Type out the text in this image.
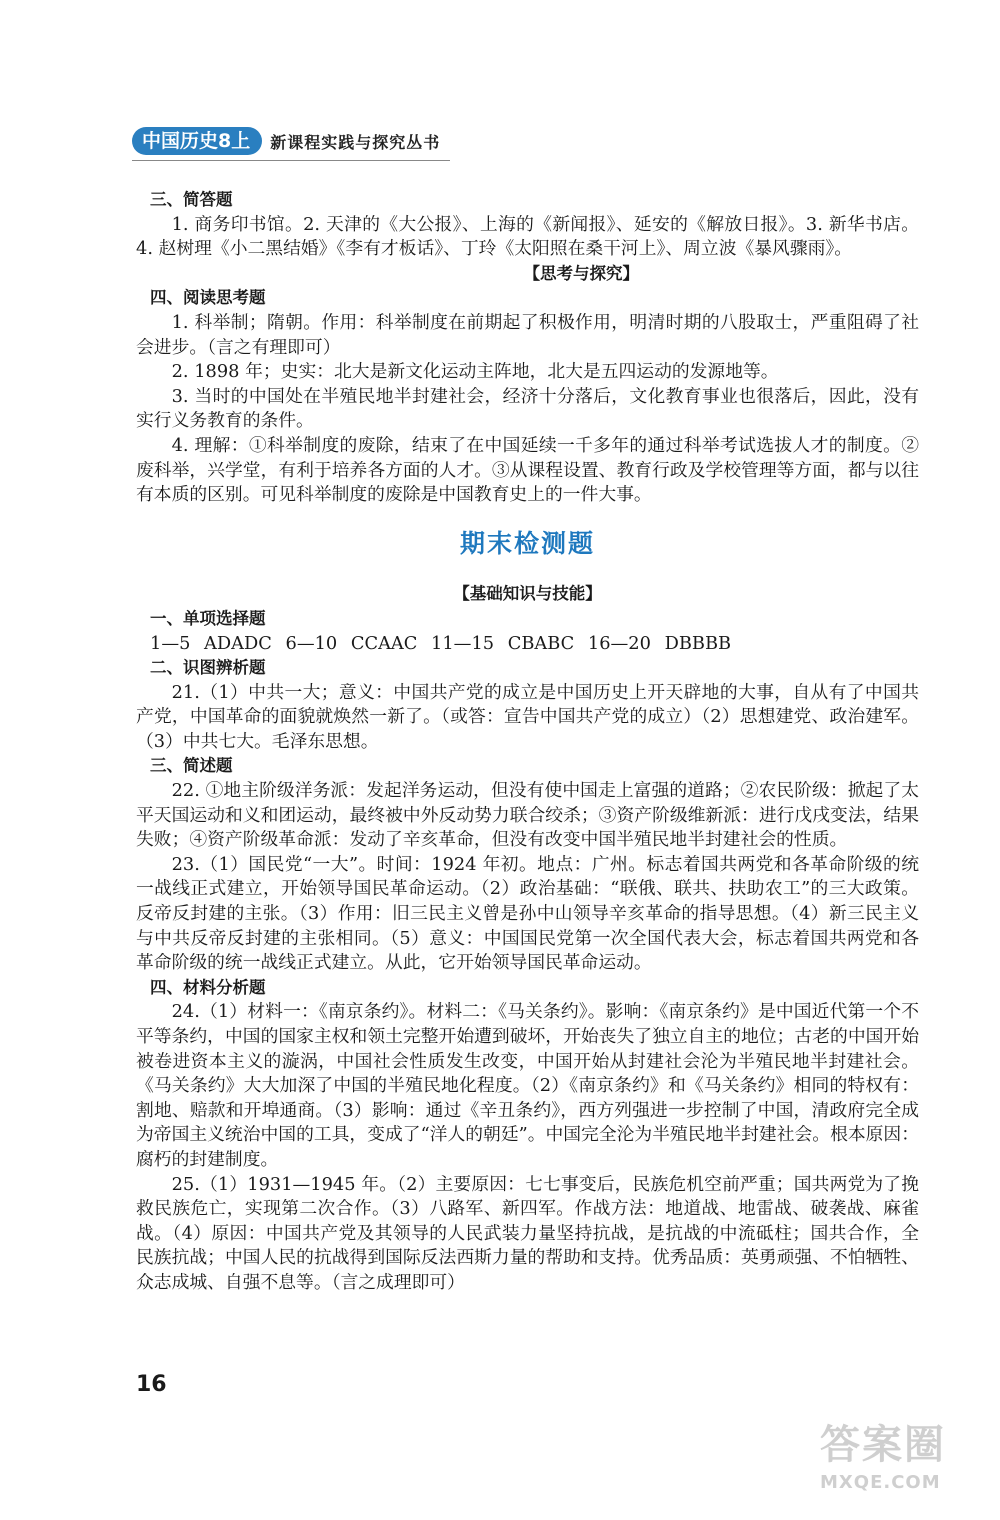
中国历史8上	新课程实践与探究丛书

三、简答题

1. 商务印书馆。2. 天津的《大公报》、上海的《新闻报》、延安的《解放日报》。3. 新华书店。4. 赵树理《小二黑结婚》《李有才板话》、丁玲《太阳照在桑干河上》、周立波《暴风骤雨》。

【思考与探究】

四、阅读思考题

1. 科举制；隋朝。作用：科举制度在前期起了积极作用，明清时期的八股取士，严重阻碍了社会进步。（言之有理即可）

2. 1898 年；史实：北大是新文化运动主阵地，北大是五四运动的发源地等。

3. 当时的中国处在半殖民地半封建社会，经济十分落后，文化教育事业也很落后，因此，没有实行义务教育的条件。

4. 理解：①科举制度的废除，结束了在中国延续一千多年的通过科举考试选拔人才的制度。②废科举，兴学堂，有利于培养各方面的人才。③从课程设置、教育行政及学校管理等方面，都与以往有本质的区别。可见科举制度的废除是中国教育史上的一件大事。

期末检测题

【基础知识与技能】

一、单项选择题

1—5 ADADC 6—10 CCAAC 11—15 CBABC 16—20 DBBBB

二、识图辨析题

21.（1）中共一大；意义：中国共产党的成立是中国历史上开天辟地的大事，自从有了中国共产党，中国革命的面貌就焕然一新了。（或答：宣告中国共产党的成立）（2）思想建党、政治建军。（3）中共七大。毛泽东思想。

三、简述题

22. ①地主阶级洋务派：发起洋务运动，但没有使中国走上富强的道路；②农民阶级：掀起了太平天国运动和义和团运动，最终被中外反动势力联合绞杀；③资产阶级维新派：进行戊戌变法，结果失败；④资产阶级革命派：发动了辛亥革命，但没有改变中国半殖民地半封建社会的性质。

23.（1）国民党“一大”。时间：1924 年初。地点：广州。标志着国共两党和各革命阶级的统一战线正式建立，开始领导国民革命运动。（2）政治基础：“联俄、联共、扶助农工”的三大政策。反帝反封建的主张。（3）作用：旧三民主义曾是孙中山领导辛亥革命的指导思想。（4）新三民主义与中共反帝反封建的主张相同。（5）意义：中国国民党第一次全国代表大会，标志着国共两党和各革命阶级的统一战线正式建立。从此，它开始领导国民革命运动。

四、材料分析题

24.（1）材料一：《南京条约》。材料二：《马关条约》。影响：《南京条约》是中国近代第一个不平等条约，中国的国家主权和领土完整开始遭到破坏，开始丧失了独立自主的地位；古老的中国开始被卷进资本主义的漩涡，中国社会性质发生改变，中国开始从封建社会沦为半殖民地半封建社会。《马关条约》大大加深了中国的半殖民地化程度。（2）《南京条约》和《马关条约》相同的特权有：割地、赔款和开埠通商。（3）影响：通过《辛丑条约》，西方列强进一步控制了中国，清政府完全成为帝国主义统治中国的工具，变成了“洋人的朝廷”。中国完全沦为半殖民地半封建社会。根本原因：腐朽的封建制度。

25.（1）1931—1945 年。（2）主要原因：七七事变后，民族危机空前严重；国共两党为了挽救民族危亡，实现第二次合作。（3）八路军、新四军。作战方法：地道战、地雷战、破袭战、麻雀战。（4）原因：中国共产党及其领导的人民武装力量坚持抗战，是抗战的中流砥柱；国共合作，全民族抗战；中国人民的抗战得到国际反法西斯力量的帮助和支持。优秀品质：英勇顽强、不怕牺牲、众志成城、自强不息等。（言之成理即可）

16
答案圈
MXQE.COM
